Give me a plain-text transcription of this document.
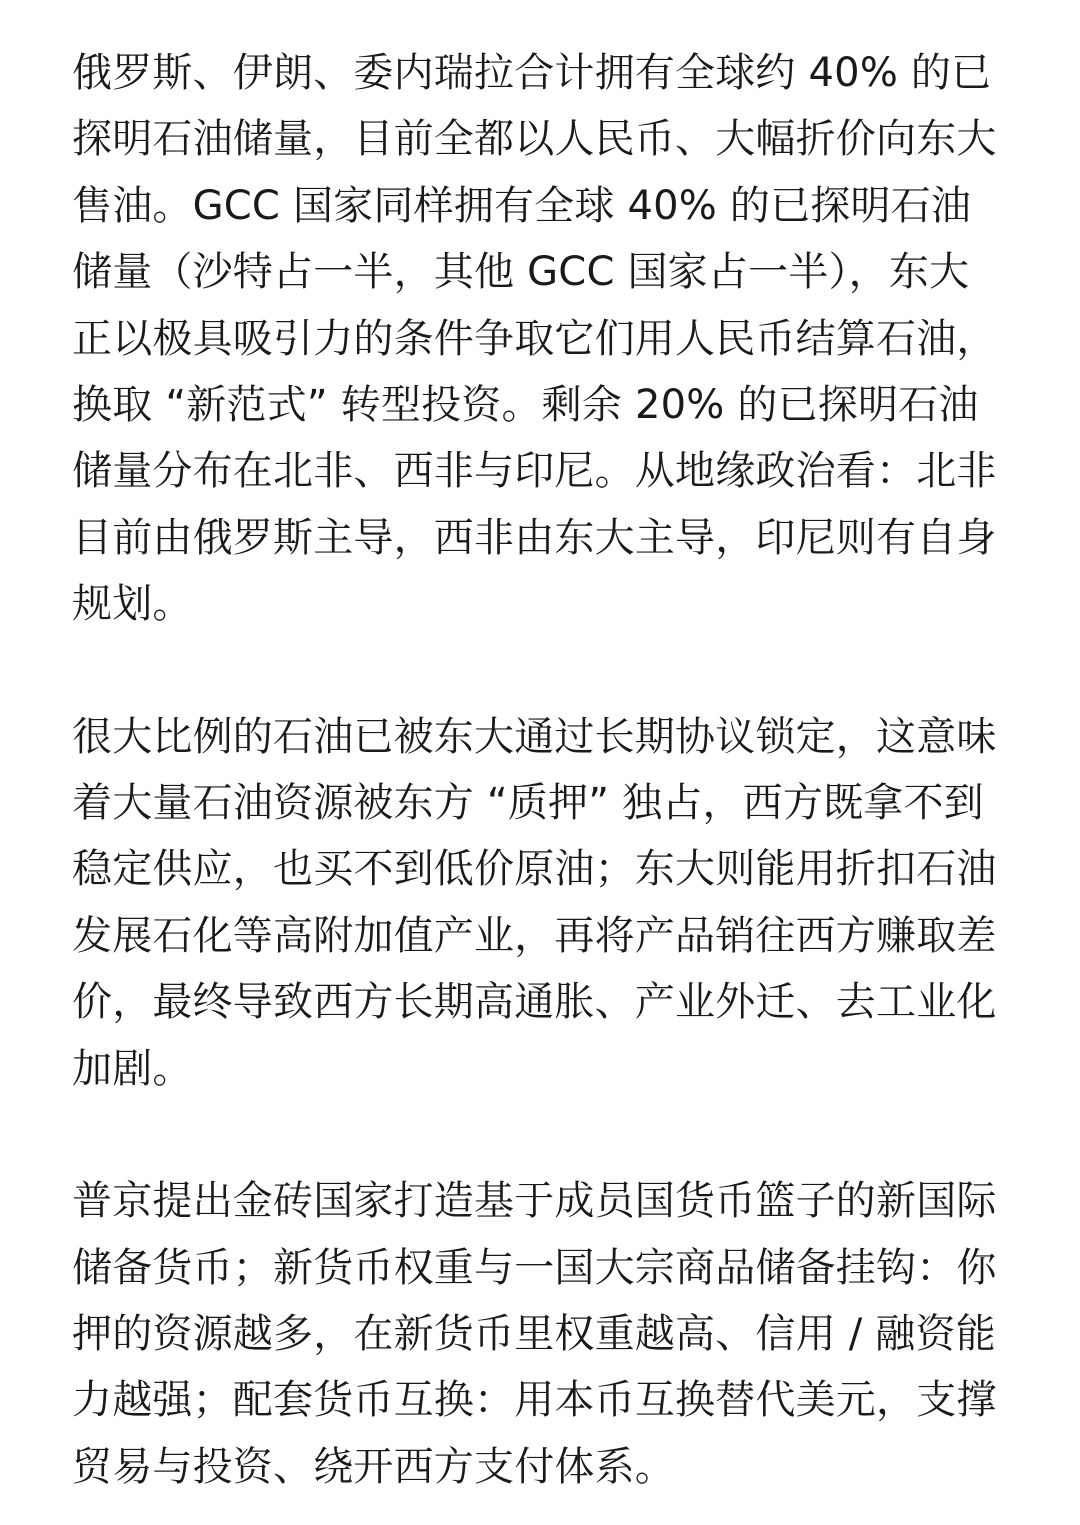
俄罗斯、伊朗、委内瑞拉合计拥有全球约 40% 的已探明石油储量，目前全都以人民币、大幅折价向东大售油。GCC 国家同样拥有全球 40% 的已探明石油储量（沙特占一半，其他 GCC 国家占一半），东大正以极具吸引力的条件争取它们用人民币结算石油，换取 “新范式” 转型投资。剩余 20% 的已探明石油储量分布在北非、西非与印尼。从地缘政治看：北非目前由俄罗斯主导，西非由东大主导，印尼则有自身规划。

很大比例的石油已被东大通过长期协议锁定，这意味着大量石油资源被东方 “质押” 独占，西方既拿不到稳定供应，也买不到低价原油；东大则能用折扣石油发展石化等高附加值产业，再将产品销往西方赚取差价，最终导致西方长期高通胀、产业外迁、去工业化加剧。

普京提出金砖国家打造基于成员国货币篮子的新国际储备货币；新货币权重与一国大宗商品储备挂钩：你押的资源越多，在新货币里权重越高、信用 / 融资能力越强；配套货币互换：用本币互换替代美元，支撑贸易与投资、绕开西方支付体系。
